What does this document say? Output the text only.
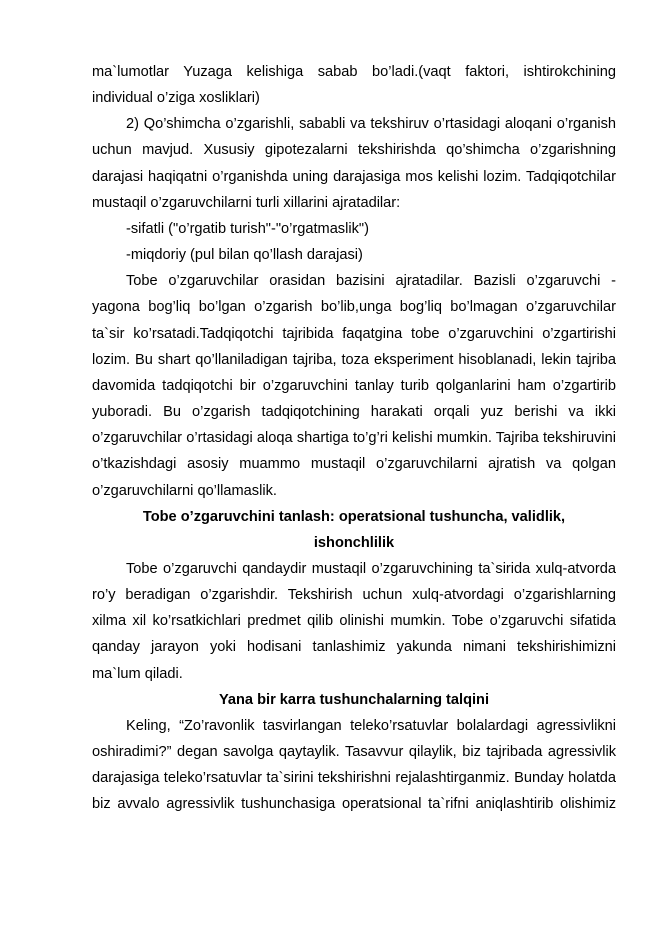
ma`lumotlar Yuzaga kelishiga sabab bo’ladi.(vaqt faktori, ishtirokchining individual o’ziga xosliklari)

2) Qo’shimcha o’zgarishli, sababli va tekshiruv o’rtasidagi aloqani o’rganish uchun mavjud. Xususiy gipotezalarni tekshirishda qo’shimcha o’zgarishning darajasi haqiqatni o’rganishda uning darajasiga mos kelishi lozim. Tadqiqotchilar mustaqil o’zgaruvchilarni turli xillarini ajratadilar:

-sifatli ("o’rgatib turish"-"o’rgatmaslik")

-miqdoriy (pul bilan qo’llash darajasi)

Tobe o’zgaruvchilar orasidan bazisini ajratadilar. Bazisli o’zgaruvchi -yagona bog’liq bo’lgan o’zgarish bo’lib,unga bog’liq bo’lmagan o’zgaruvchilar ta`sir ko’rsatadi.Tadqiqotchi tajribida faqatgina tobe o’zgaruvchini o’zgartirishi lozim. Bu shart qo’llaniladigan tajriba, toza eksperiment hisoblanadi, lekin tajriba davomida tadqiqotchi bir o’zgaruvchini tanlay turib qolganlarini ham o’zgartirib yuboradi. Bu o’zgarish tadqiqotchining harakati orqali yuz berishi va ikki o’zgaruvchilar o’rtasidagi aloqa shartiga to’g’ri kelishi mumkin. Tajriba tekshiruvini o’tkazishdagi asosiy muammo mustaqil o’zgaruvchilarni ajratish va qolgan o’zgaruvchilarni qo’llamaslik.

Tobe o’zgaruvchini tanlash: operatsional tushuncha, validlik,

ishonchlilik

Tobe o’zgaruvchi qandaydir mustaqil o’zgaruvchining ta`sirida xulq-atvorda ro’y beradigan o’zgarishdir. Tekshirish uchun xulq-atvordagi o’zgarishlarning xilma xil ko’rsatkichlari predmet qilib olinishi mumkin. Tobe o’zgaruvchi sifatida qanday jarayon yoki hodisani tanlashimiz yakunda nimani tekshirishimizni ma`lum qiladi.

Yana bir karra tushunchalarning talqini

Keling, “Zo’ravonlik tasvirlangan teleko’rsatuvlar bolalardagi agressivlikni oshiradimi?” degan savolga qaytaylik. Tasavvur qilaylik, biz tajribada agressivlik darajasiga teleko’rsatuvlar ta`sirini tekshirishni rejalashtirganmiz. Bunday holatda biz avvalo agressivlik tushunchasiga operatsional ta`rifni aniqlashtirib olishimiz
